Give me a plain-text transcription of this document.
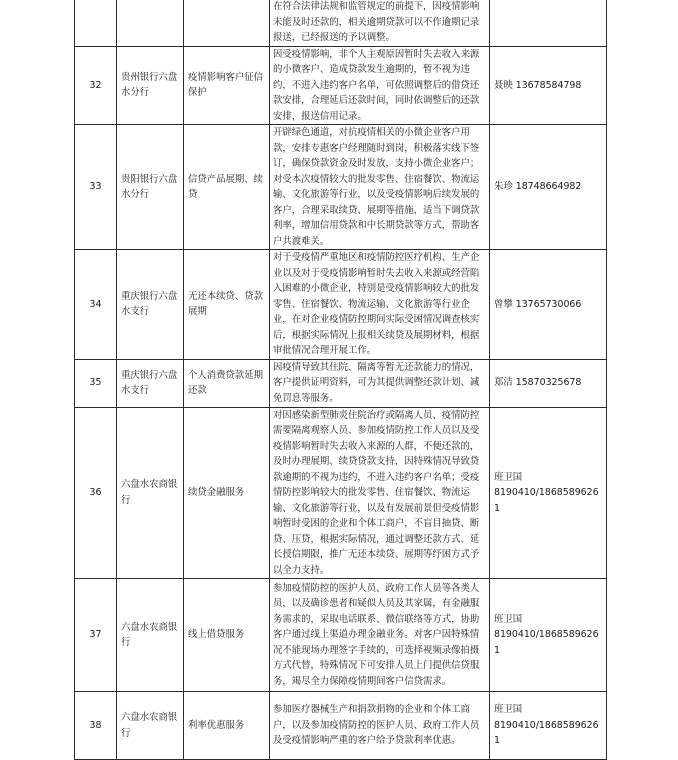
			在符合法律法规和监管规定的前提下，因疫情影响未能及时还款的，相关逾期贷款可以不作逾期记录报送，已经报送的予以调整。	
32	贵州银行六盘水分行	疫情影响客户征信保护	因受疫情影响，非个人主观原因暂时失去收入来源的小微客户、造成贷款发生逾期的，暂不视为违约，不进入违约客户名单，可依照调整后的借贷还款安排，合理延后还款时间，同时依调整后的还款安排，报送信用记录。	聂映 13678584798
33	贵阳银行六盘水分行	信贷产品展期、续贷	开辟绿色通道，对抗疫情相关的小微企业客户用款，安排专惠客户经理随时到岗，积极落实线下签订，确保贷款资金及时发放，支持小微企业客户；对受本次疫情较大的批发零售、住宿餐饮、物流运输、文化旅游等行业，以及受疫情影响后续发展的客户，合理采取续贷、展期等措施，适当下调贷款利率，增加信用贷款和中长期贷款等方式，帮助客户共渡难关。	朱珍 18748664982
34	重庆银行六盘水支行	无还本续贷、贷款展期	对于受疫情严重地区和疫情防控医疗机构、生产企业以及对于受疫情影响暂时失去收入来源或经营陷入困难的小微企业，特别是受疫情影响较大的批发零售、住宿餐饮、物流运输、文化旅游等行业企业，在对企业疫情防控期间实际受困情况调查核实后，根据实际情况上报相关续贷及展期材料，根据审批情况合理开展工作。	曾攀 13765730066
35	重庆银行六盘水支行	个人消费贷款延期还款	因疫情导致其住院、隔离等暂无还款能力的情况，客户提供证明资料，可为其提供调整还款计划、减免罚息等服务。	郑洁 15870325678
36	六盘水农商银行	续贷金融服务	对因感染新型肺炎住院治疗或隔离人员、疫情防控需要隔离观察人员、参加疫情防控工作人员以及受疫情影响暂时失去收入来源的人群，不便还款的，及时办理展期、续贷贷款支持，因特殊情况导致贷款逾期的不视为违约，不进入违约客户名单；受疫情防控影响较大的批发零售、住宿餐饮、物流运输、文化旅游等行业，以及有发展前景但受疫情影响暂时受困的企业和个体工商户，不盲目抽贷、断贷、压贷，根据实际情况，通过调整还款方式、延长授信期限，推广无还本续贷、展期等纾困方式予以全力支持。	班卫国
8190410/18685896261
37	六盘水农商银行	线上借贷服务	参加疫情防控的医护人员、政府工作人员等各类人员，以及确诊患者和疑似人员及其家属，有金融服务需求的，采取电话联系、微信联络等方式，协助客户通过线上渠道办理金融业务。对客户因特殊情况不能现场办理签字手续的，可选择视频录像拍摄方式代替，特殊情况下可安排人员上门提供信贷服务，竭尽全力保障疫情期间客户信贷需求。	班卫国
8190410/18685896261
38	六盘水农商银行	利率优惠服务	参加医疗器械生产和捐款捐物的企业和个体工商户，以及参加疫情防控的医护人员、政府工作人员及受疫情影响严重的客户给予贷款利率优惠。	班卫国
8190410/18685896261
